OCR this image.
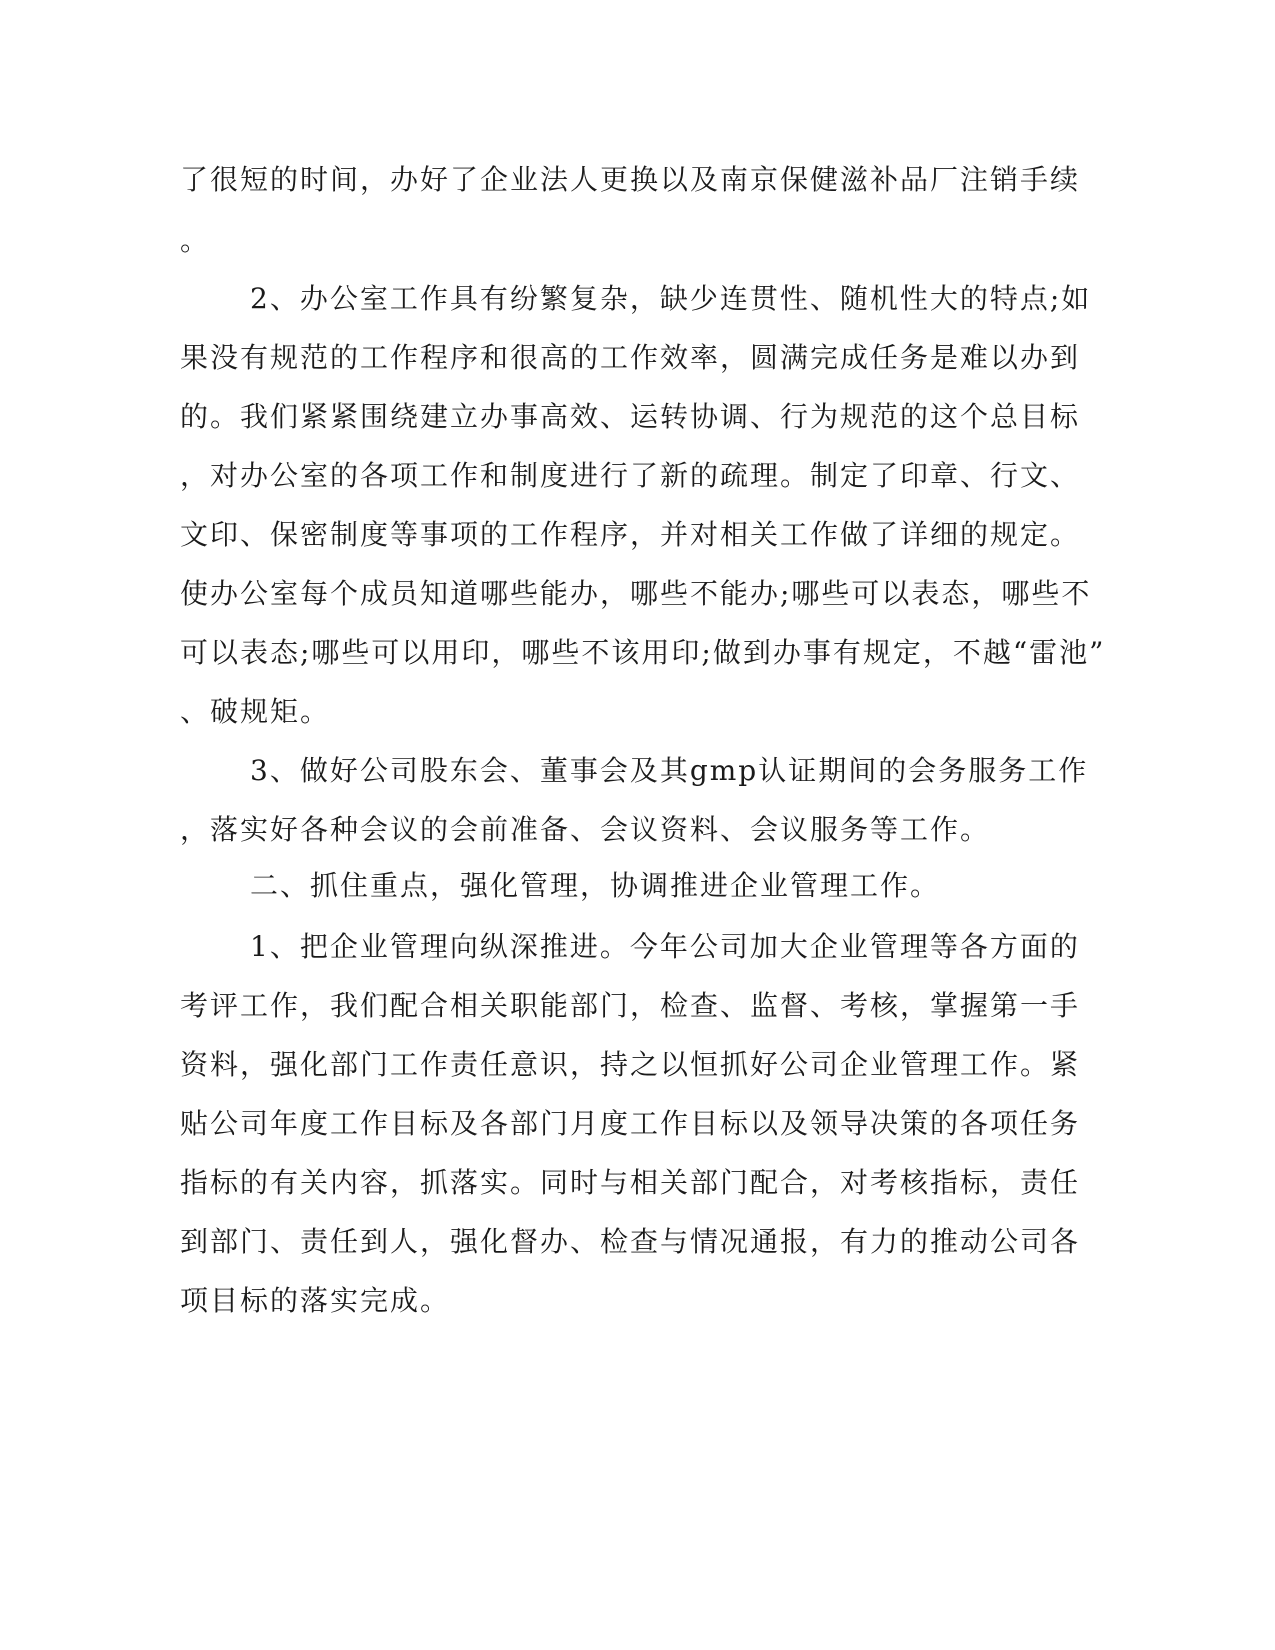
了很短的时间，办好了企业法人更换以及南京保健滋补品厂注销手续
。
2、办公室工作具有纷繁复杂，缺少连贯性、随机性大的特点;如
果没有规范的工作程序和很高的工作效率，圆满完成任务是难以办到
的。我们紧紧围绕建立办事高效、运转协调、行为规范的这个总目标
，对办公室的各项工作和制度进行了新的疏理。制定了印章、行文、
文印、保密制度等事项的工作程序，并对相关工作做了详细的规定。
使办公室每个成员知道哪些能办，哪些不能办;哪些可以表态，哪些不
可以表态;哪些可以用印，哪些不该用印;做到办事有规定，不越“雷池”
、破规矩。
3、做好公司股东会、董事会及其gmp认证期间的会务服务工作
，落实好各种会议的会前准备、会议资料、会议服务等工作。
二、抓住重点，强化管理，协调推进企业管理工作。
1、把企业管理向纵深推进。今年公司加大企业管理等各方面的
考评工作，我们配合相关职能部门，检查、监督、考核，掌握第一手
资料，强化部门工作责任意识，持之以恒抓好公司企业管理工作。紧
贴公司年度工作目标及各部门月度工作目标以及领导决策的各项任务
指标的有关内容，抓落实。同时与相关部门配合，对考核指标，责任
到部门、责任到人，强化督办、检查与情况通报，有力的推动公司各
项目标的落实完成。
